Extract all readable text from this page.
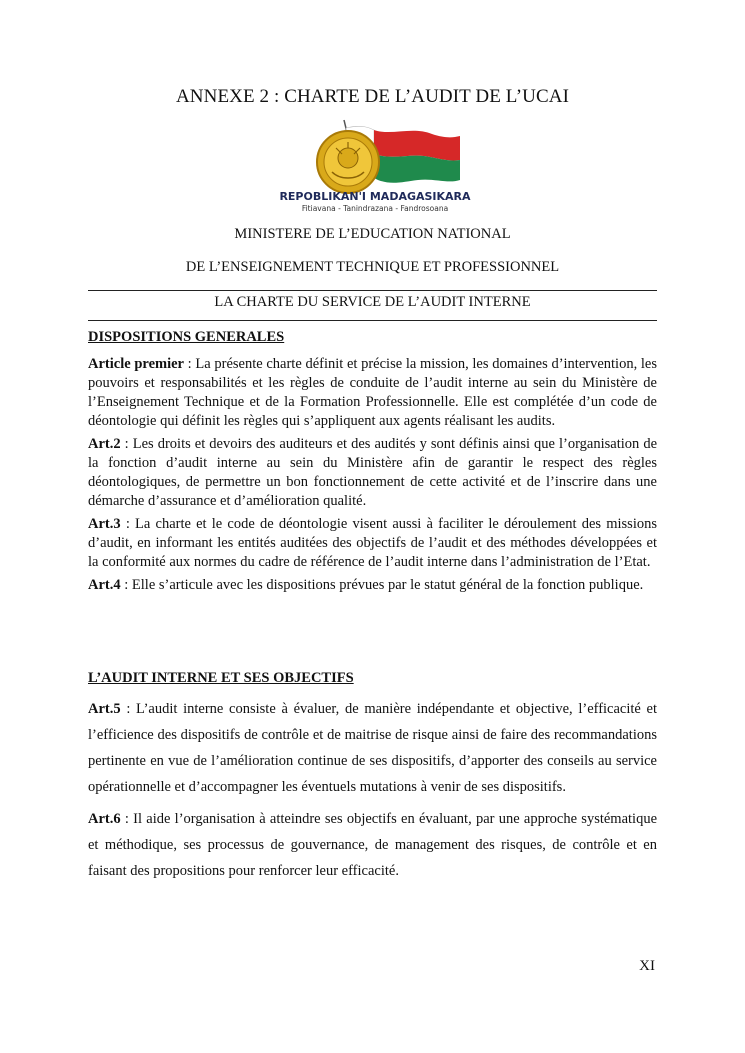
ANNEXE 2 : CHARTE DE L’AUDIT DE L’UCAI
REPOBLIKAN'I MADAGASIKARA
Fitiavana - Tanindrazana - Fandrosoana
MINISTERE DE L’EDUCATION NATIONAL
DE L’ENSEIGNEMENT TECHNIQUE ET PROFESSIONNEL
LA CHARTE DU SERVICE DE L’AUDIT INTERNE
DISPOSITIONS GENERALES

Article premier : La présente charte définit et précise la mission, les domaines d’intervention, les pouvoirs et responsabilités et les règles de conduite de l’audit interne au sein du Ministère de l’Enseignement Technique et de la Formation Professionnelle. Elle est complétée d’un code de déontologie qui définit les règles qui s’appliquent aux agents réalisant les audits.

Art.2 : Les droits et devoirs des auditeurs et des audités y sont définis ainsi que l’organisation de la fonction d’audit interne au sein du Ministère afin de garantir le respect des règles déontologiques, de permettre un bon fonctionnement de cette activité et de l’inscrire dans une démarche d’assurance et d’amélioration qualité.

Art.3 : La charte et le code de déontologie visent aussi à faciliter le déroulement des missions d’audit, en informant les entités auditées des objectifs de l’audit et des méthodes développées et la conformité aux normes du cadre de référence de l’audit interne dans l’administration de l’Etat.

Art.4 : Elle s’articule avec les dispositions prévues par le statut général de la fonction publique.

L’AUDIT INTERNE ET SES OBJECTIFS

Art.5 : L’audit interne consiste à évaluer, de manière indépendante et objective, l’efficacité et l’efficience des dispositifs de contrôle et de maitrise de risque ainsi de faire des recommandations pertinente en vue de l’amélioration continue de ses dispositifs, d’apporter des conseils au service opérationnelle et d’accompagner les éventuels mutations à venir de ses dispositifs.

Art.6 : Il aide l’organisation à atteindre ses objectifs en évaluant, par une approche systématique et méthodique, ses processus de gouvernance, de management des risques, de contrôle et en faisant des propositions pour renforcer leur efficacité.

XI
